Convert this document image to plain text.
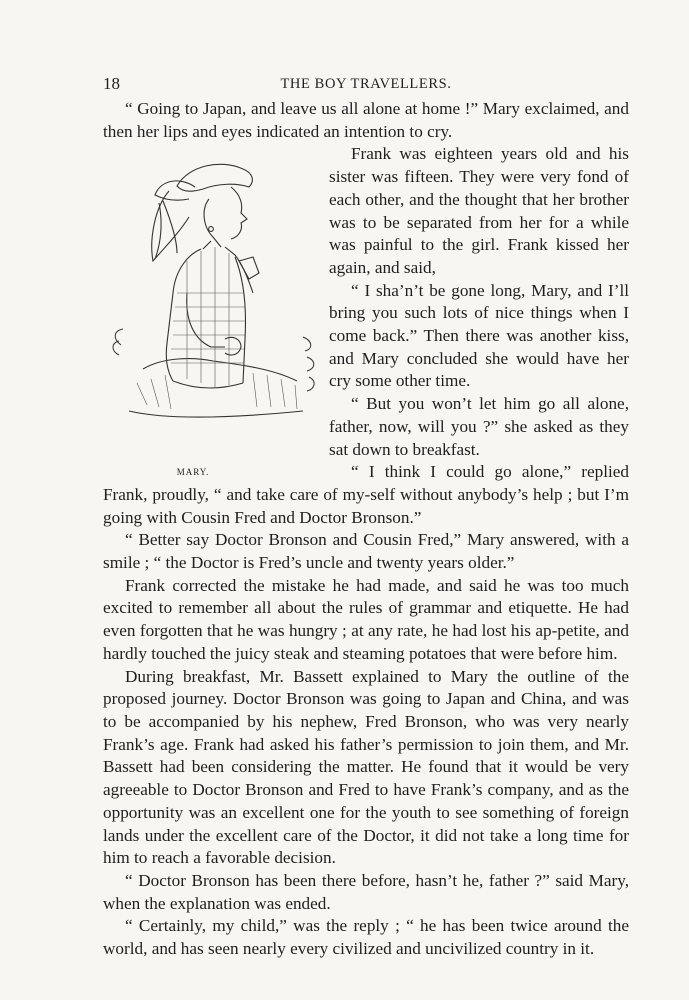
18	THE BOY TRAVELLERS.

“ Going to Japan, and leave us all alone at home !” Mary exclaimed, and then her lips and eyes indicated an intention to cry.

MARY.

Frank was eighteen years old and his sister was fifteen. They were very fond of each other, and the thought that her brother was to be separated from her for a while was painful to the girl. Frank kissed her again, and said,

“ I sha’n’t be gone long, Mary, and I’ll bring you such lots of nice things when I come back.” Then there was another kiss, and Mary concluded she would have her cry some other time.

“ But you won’t let him go all alone, father, now, will you ?” she asked as they sat down to breakfast.

“ I think I could go alone,” replied Frank, proudly, “ and take care of my-self without anybody’s help ; but I’m going with Cousin Fred and Doctor Bronson.”

“ Better say Doctor Bronson and Cousin Fred,” Mary answered, with a smile ; “ the Doctor is Fred’s uncle and twenty years older.”

Frank corrected the mistake he had made, and said he was too much excited to remember all about the rules of grammar and etiquette. He had even forgotten that he was hungry ; at any rate, he had lost his ap-petite, and hardly touched the juicy steak and steaming potatoes that were before him.

During breakfast, Mr. Bassett explained to Mary the outline of the proposed journey. Doctor Bronson was going to Japan and China, and was to be accompanied by his nephew, Fred Bronson, who was very nearly Frank’s age. Frank had asked his father’s permission to join them, and Mr. Bassett had been considering the matter. He found that it would be very agreeable to Doctor Bronson and Fred to have Frank’s company, and as the opportunity was an excellent one for the youth to see something of foreign lands under the excellent care of the Doctor, it did not take a long time for him to reach a favorable decision.

“ Doctor Bronson has been there before, hasn’t he, father ?” said Mary, when the explanation was ended.

“ Certainly, my child,” was the reply ; “ he has been twice around the world, and has seen nearly every civilized and uncivilized country in it.
